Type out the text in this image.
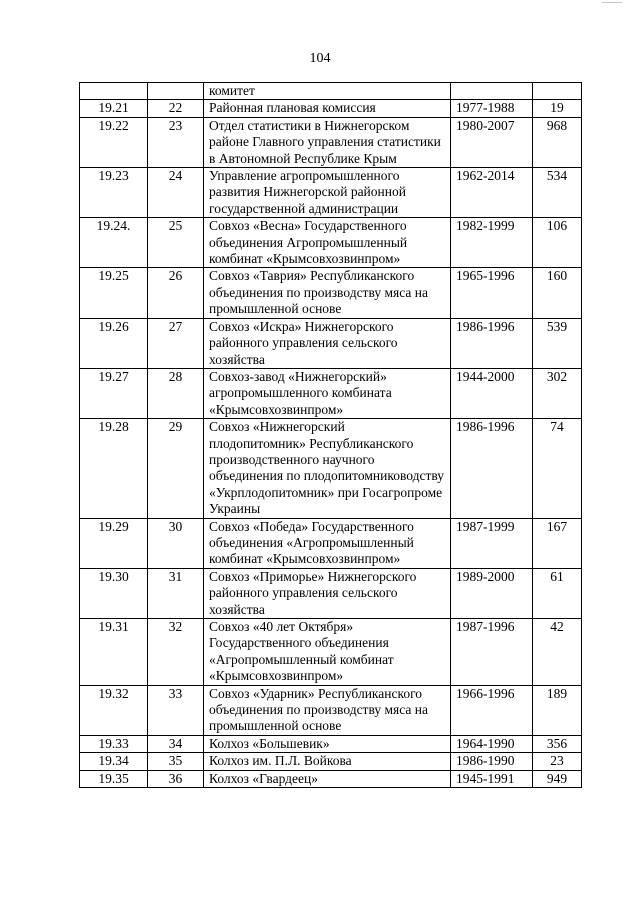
104
		комитет		
19.21	22	Районная плановая комиссия	1977-1988	19
19.22	23	Отдел статистики в Нижнегорском районе Главного управления статистики в Автономной Республике Крым	1980-2007	968
19.23	24	Управление агропромышленного развития Нижнегорской районной государственной администрации	1962-2014	534
19.24.	25	Совхоз «Весна» Государственного объединения Агропромышленный комбинат «Крымсовхозвинпром»	1982-1999	106
19.25	26	Совхоз «Таврия» Республиканского объединения по производству мяса на промышленной основе	1965-1996	160
19.26	27	Совхоз «Искра» Нижнегорского районного управления сельского хозяйства	1986-1996	539
19.27	28	Совхоз-завод «Нижнегорский» агропромышленного комбината «Крымсовхозвинпром»	1944-2000	302
19.28	29	Совхоз «Нижнегорский плодопитомник» Республиканского производственного научного объединения по плодопитомниководству «Укрплодопитомник» при Госагропроме Украины	1986-1996	74
19.29	30	Совхоз «Победа» Государственного объединения «Агропромышленный комбинат «Крымсовхозвинпром»	1987-1999	167
19.30	31	Совхоз «Приморье» Нижнегорского районного управления сельского хозяйства	1989-2000	61
19.31	32	Совхоз «40 лет Октября» Государственного объединения «Агропромышленный комбинат «Крымсовхозвинпром»	1987-1996	42
19.32	33	Совхоз «Ударник» Республиканского объединения по производству мяса на промышленной основе	1966-1996	189
19.33	34	Колхоз «Большевик»	1964-1990	356
19.34	35	Колхоз им. П.Л. Войкова	1986-1990	23
19.35	36	Колхоз «Гвардеец»	1945-1991	949
